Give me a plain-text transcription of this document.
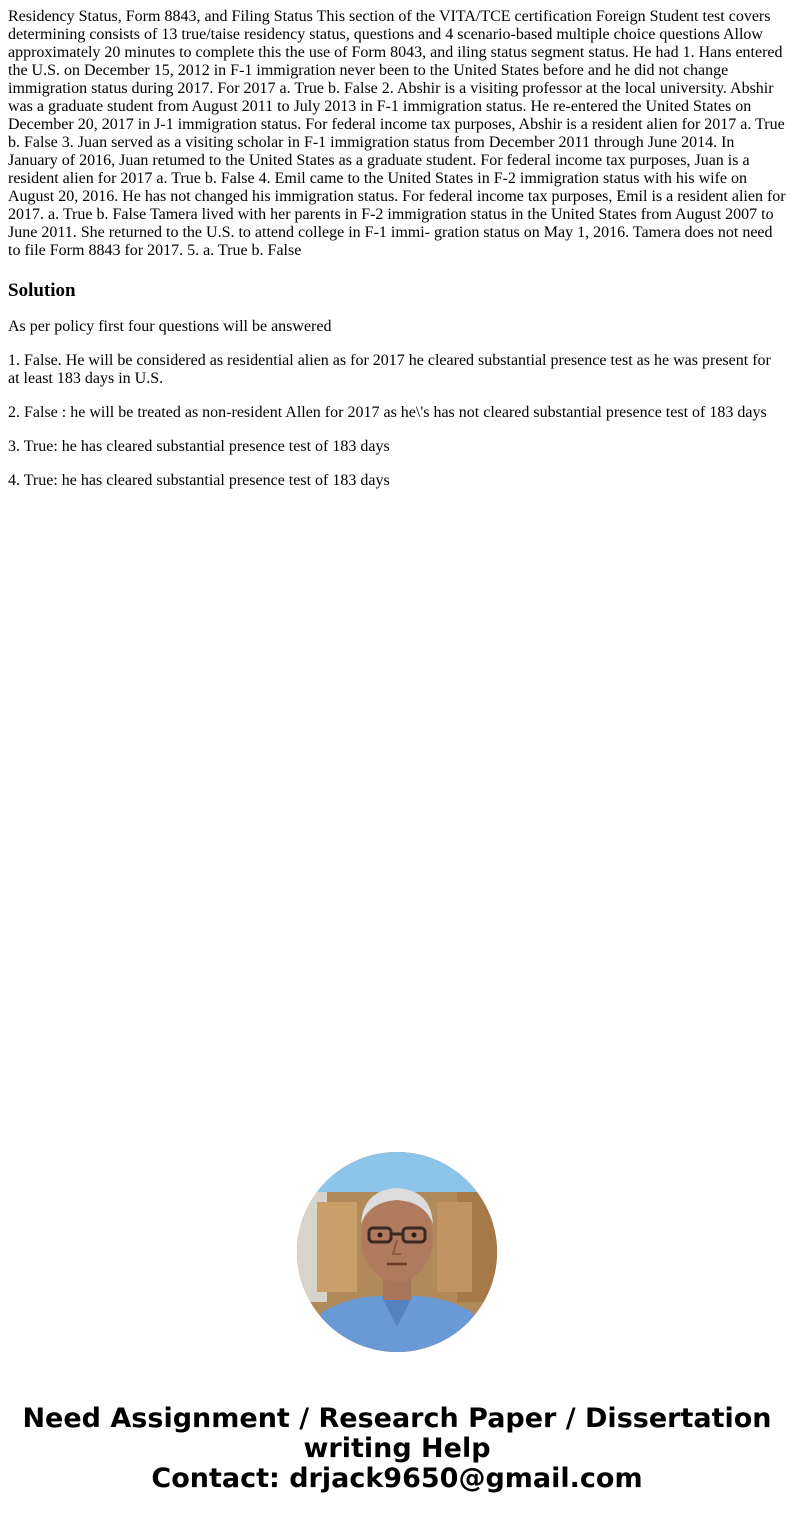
Residency Status, Form 8843, and Filing Status This section of the VITA/TCE certification Foreign Student test covers determining consists of 13 true/taise residency status, questions and 4 scenario-based multiple choice questions Allow approximately 20 minutes to complete this the use of Form 8043, and iling status segment status. He had 1. Hans entered the U.S. on December 15, 2012 in F-1 immigration never been to the United States before and he did not change immigration status during 2017. For 2017 a. True b. False 2. Abshir is a visiting professor at the local university. Abshir was a graduate student from August 2011 to July 2013 in F-1 immigration status. He re-entered the United States on December 20, 2017 in J-1 immigration status. For federal income tax purposes, Abshir is a resident alien for 2017 a. True b. False 3. Juan served as a visiting scholar in F-1 immigration status from December 2011 through June 2014. In January of 2016, Juan retumed to the United States as a graduate student. For federal income tax purposes, Juan is a resident alien for 2017 a. True b. False 4. Emil came to the United States in F-2 immigration status with his wife on August 20, 2016. He has not changed his immigration status. For federal income tax purposes, Emil is a resident alien for 2017. a. True b. False Tamera lived with her parents in F-2 immigration status in the United States from August 2007 to June 2011. She returned to the U.S. to attend college in F-1 immi- gration status on May 1, 2016. Tamera does not need to file Form 8843 for 2017. 5. a. True b. False

Solution

As per policy first four questions will be answered

1. False. He will be considered as residential alien as for 2017 he cleared substantial presence test as he was present for at least 183 days in U.S.

2. False : he will be treated as non-resident Allen for 2017 as he\'s has not cleared substantial presence test of 183 days

3. True: he has cleared substantial presence test of 183 days

4. True: he has cleared substantial presence test of 183 days

Need Assignment / Research Paper / Dissertation
writing Help
Contact: drjack9650@gmail.com
